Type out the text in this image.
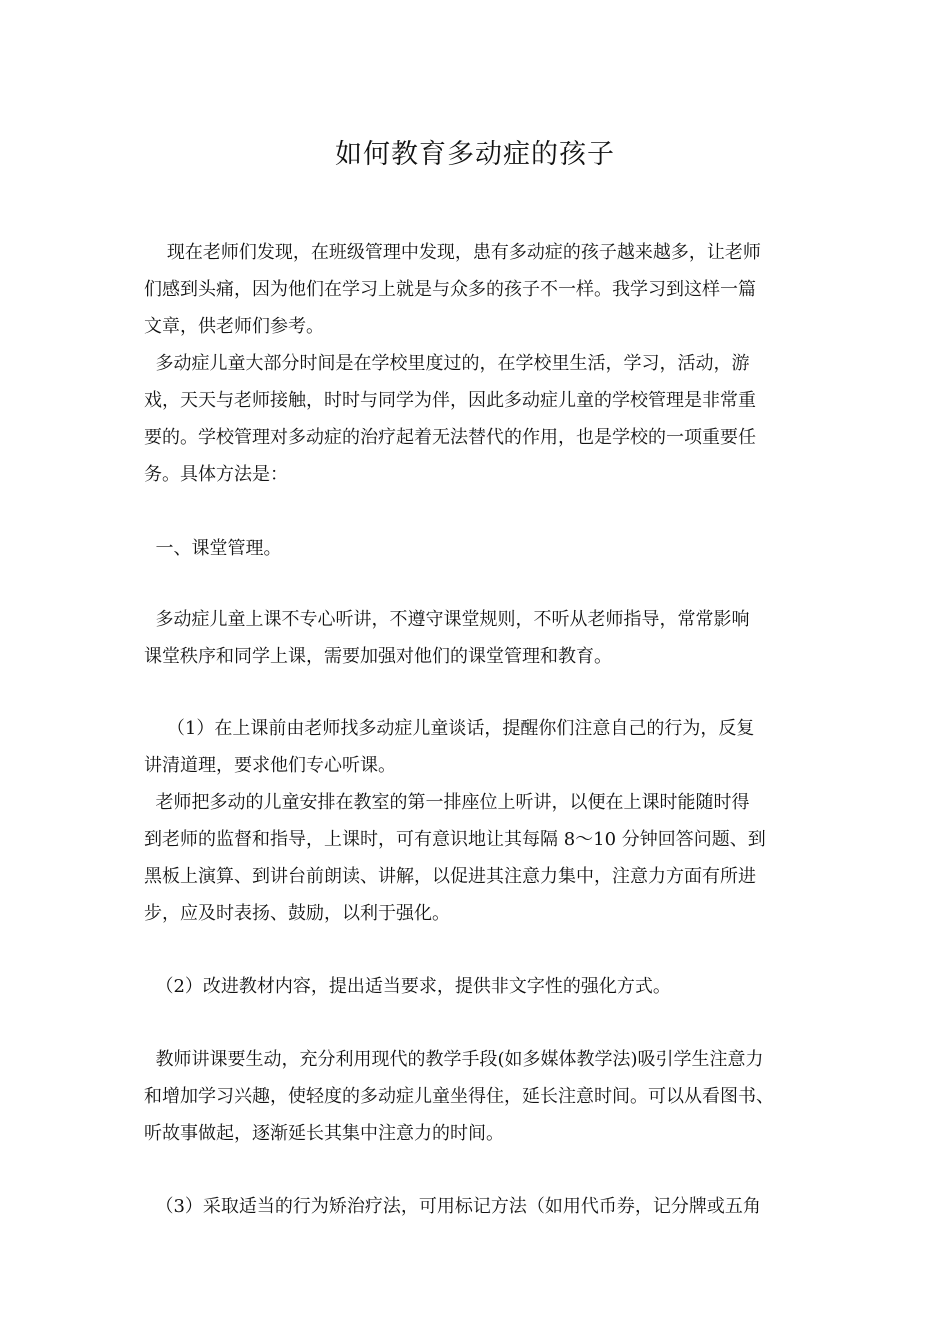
如何教育多动症的孩子
现在老师们发现，在班级管理中发现，患有多动症的孩子越来越多，让老师
们感到头痛，因为他们在学习上就是与众多的孩子不一样。我学习到这样一篇
文章，供老师们参考。
多动症儿童大部分时间是在学校里度过的，在学校里生活，学习，活动，游
戏，天天与老师接触，时时与同学为伴，因此多动症儿童的学校管理是非常重
要的。学校管理对多动症的治疗起着无法替代的作用，也是学校的一项重要任
务。具体方法是：
一、课堂管理。
多动症儿童上课不专心听讲，不遵守课堂规则，不听从老师指导，常常影响
课堂秩序和同学上课，需要加强对他们的课堂管理和教育。
（1）在上课前由老师找多动症儿童谈话，提醒你们注意自己的行为，反复
讲清道理，要求他们专心听课。
老师把多动的儿童安排在教室的第一排座位上听讲，以便在上课时能随时得
到老师的监督和指导，上课时，可有意识地让其每隔 8～10 分钟回答问题、到
黑板上演算、到讲台前朗读、讲解，以促进其注意力集中，注意力方面有所进
步，应及时表扬、鼓励，以利于强化。
（2）改进教材内容，提出适当要求，提供非文字性的强化方式。
教师讲课要生动，充分利用现代的教学手段(如多媒体教学法)吸引学生注意力
和增加学习兴趣，使轻度的多动症儿童坐得住，延长注意时间。可以从看图书、
听故事做起，逐渐延长其集中注意力的时间。
（3）采取适当的行为矫治疗法，可用标记方法（如用代币券，记分牌或五角
